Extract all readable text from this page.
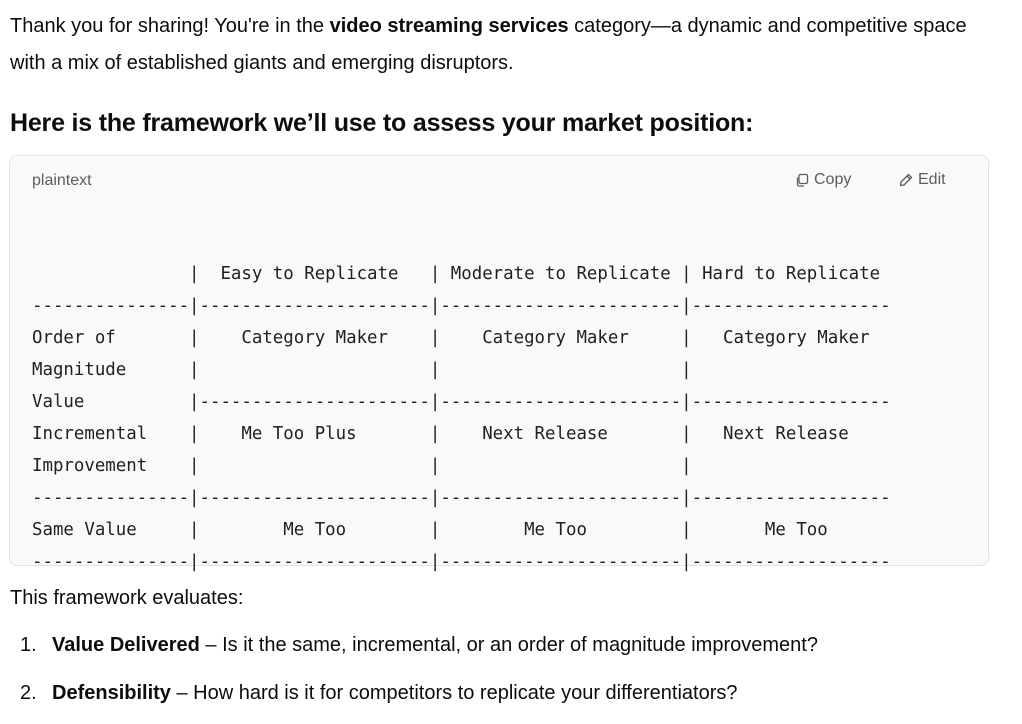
Thank you for sharing! You're in the video streaming services category—a dynamic and competitive space with a mix of established giants and emerging disruptors.

Here is the framework we’ll use to assess your market position:
plaintext	Copy	Edit

|  Easy to Replicate   | Moderate to Replicate | Hard to Replicate
---------------|----------------------|-----------------------|-------------------
Order of       |    Category Maker    |    Category Maker     |   Category Maker
Magnitude      |                      |                       |
Value          |----------------------|-----------------------|-------------------
Incremental    |    Me Too Plus       |    Next Release       |   Next Release
Improvement    |                      |                       |
---------------|----------------------|-----------------------|-------------------
Same Value     |        Me Too        |        Me Too         |       Me Too
---------------|----------------------|-----------------------|-------------------

This framework evaluates:

1. Value Delivered – Is it the same, incremental, or an order of magnitude improvement?
2. Defensibility – How hard is it for competitors to replicate your differentiators?
